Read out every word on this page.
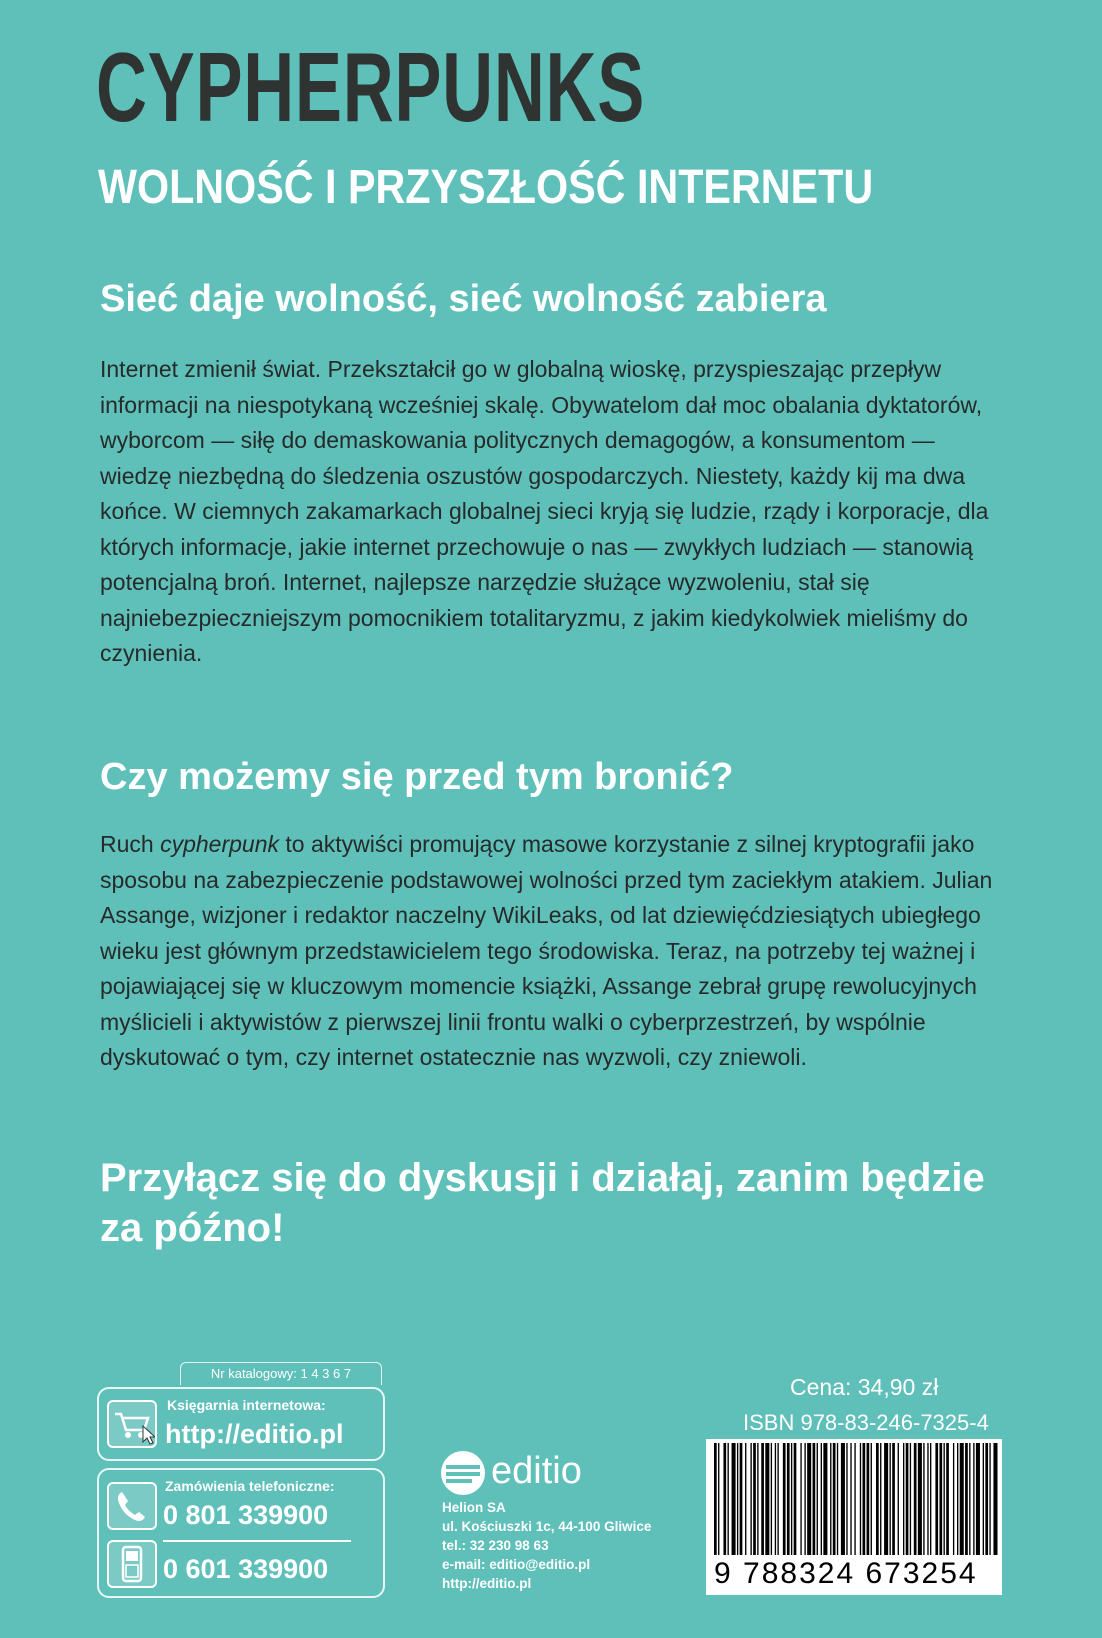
CYPHERPUNKS
WOLNOŚĆ I PRZYSZŁOŚĆ INTERNETU
Sieć daje wolność, sieć wolność zabiera
Internet zmienił świat. Przekształcił go w globalną wioskę, przyspieszając przepływ informacji na niespotykaną wcześniej skalę. Obywatelom dał moc obalania dyktatorów, wyborcom — siłę do demaskowania politycznych demagogów, a konsumentom — wiedzę niezbędną do śledzenia oszustów gospodarczych. Niestety, każdy kij ma dwa końce. W ciemnych zakamarkach globalnej sieci kryją się ludzie, rządy i korporacje, dla których informacje, jakie internet przechowuje o nas — zwykłych ludziach — stanowią potencjalną broń. Internet, najlepsze narzędzie służące wyzwoleniu, stał się najniebezpieczniejszym pomocnikiem totalitaryzmu, z jakim kiedykolwiek mieliśmy do czynienia.
Czy możemy się przed tym bronić?
Ruch cypherpunk to aktywiści promujący masowe korzystanie z silnej kryptografii jako sposobu na zabezpieczenie podstawowej wolności przed tym zaciekłym atakiem. Julian Assange, wizjoner i redaktor naczelny WikiLeaks, od lat dziewięćdziesiątych ubiegłego wieku jest głównym przedstawicielem tego środowiska. Teraz, na potrzeby tej ważnej i pojawiającej się w kluczowym momencie książki, Assange zebrał grupę rewolucyjnych myślicieli i aktywistów z pierwszej linii frontu walki o cyberprzestrzeń, by wspólnie dyskutować o tym, czy internet ostatecznie nas wyzwoli, czy zniewoli.
Przyłącz się do dyskusji i działaj, zanim będzie za późno!
Nr katalogowy: 1 4 3 6 7
Księgarnia internetowa:
http://editio.pl
Zamówienia telefoniczne:
0 801 339900
0 601 339900
editio
Helion SA
ul. Kościuszki 1c, 44-100 Gliwice
tel.: 32 230 98 63
e-mail: editio@editio.pl
http://editio.pl
Cena: 34,90 zł
ISBN 978-83-246-7325-4
9 788324 673254
